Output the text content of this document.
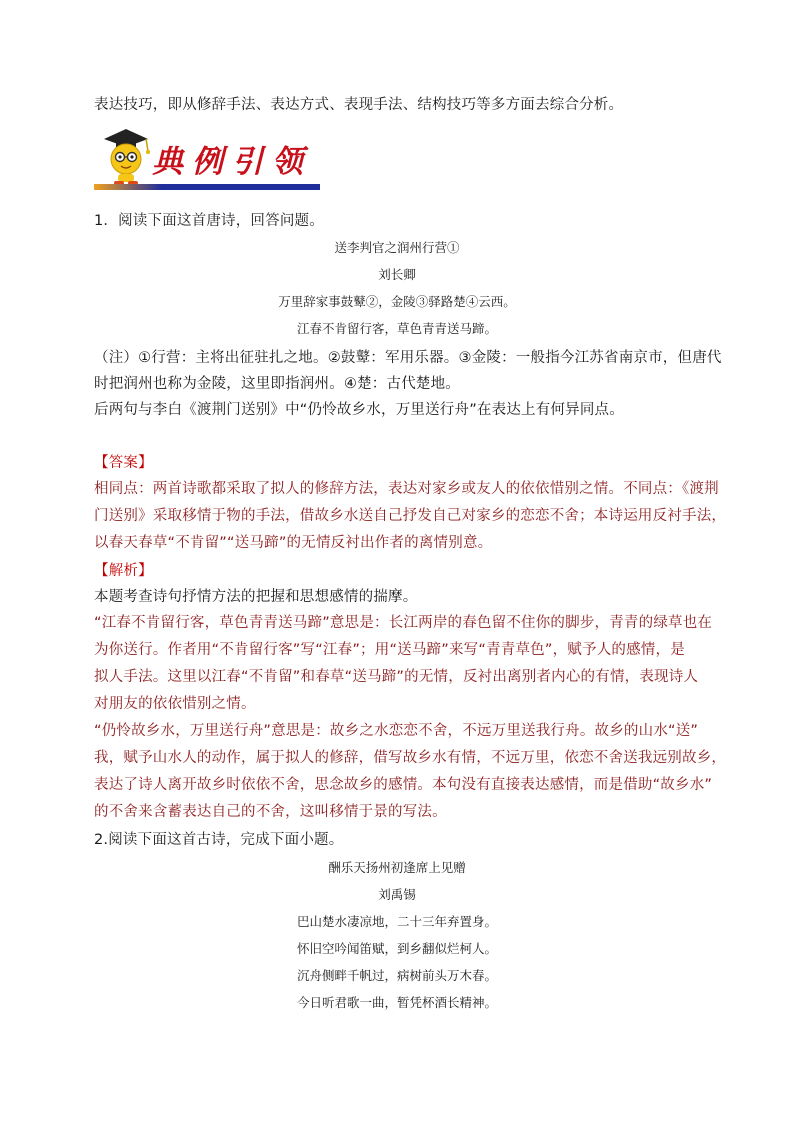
表达技巧，即从修辞手法、表达方式、表现手法、结构技巧等多方面去综合分析。
典例引领
1．阅读下面这首唐诗，回答问题。
送李判官之润州行营①
刘长卿
万里辞家事鼓鼙②，金陵③驿路楚④云西。
江春不肯留行客，草色青青送马蹄。
（注）①行营：主将出征驻扎之地。②鼓鼙：军用乐器。③金陵：一般指今江苏省南京市，但唐代
时把润州也称为金陵，这里即指润州。④楚：古代楚地。
后两句与李白《渡荆门送别》中“仍怜故乡水，万里送行舟”在表达上有何异同点。
【答案】
相同点：两首诗歌都采取了拟人的修辞方法，表达对家乡或友人的依依惜别之情。不同点：《渡荆
门送别》采取移情于物的手法，借故乡水送自己抒发自己对家乡的恋恋不舍；本诗运用反衬手法，
以春天春草“不肯留”“送马蹄”的无情反衬出作者的离情别意。
【解析】
本题考查诗句抒情方法的把握和思想感情的揣摩。
“江春不肯留行客，草色青青送马蹄”意思是：长江两岸的春色留不住你的脚步，青青的绿草也在
为你送行。作者用“不肯留行客”写“江春”；用“送马蹄”来写“青青草色”，赋予人的感情，是
拟人手法。这里以江春“不肯留”和春草“送马蹄”的无情，反衬出离别者内心的有情，表现诗人
对朋友的依依惜别之情。
“仍怜故乡水，万里送行舟”意思是：故乡之水恋恋不舍，不远万里送我行舟。故乡的山水“送”
我，赋予山水人的动作，属于拟人的修辞，借写故乡水有情，不远万里，依恋不舍送我远别故乡，
表达了诗人离开故乡时依依不舍，思念故乡的感情。本句没有直接表达感情，而是借助“故乡水”
的不舍来含蓄表达自己的不舍，这叫移情于景的写法。
2.阅读下面这首古诗，完成下面小题。
酬乐天扬州初逢席上见赠
刘禹锡
巴山楚水凄凉地，二十三年弃置身。
怀旧空吟闻笛赋，到乡翻似烂柯人。
沉舟侧畔千帆过，病树前头万木春。
今日听君歌一曲，暂凭杯酒长精神。
